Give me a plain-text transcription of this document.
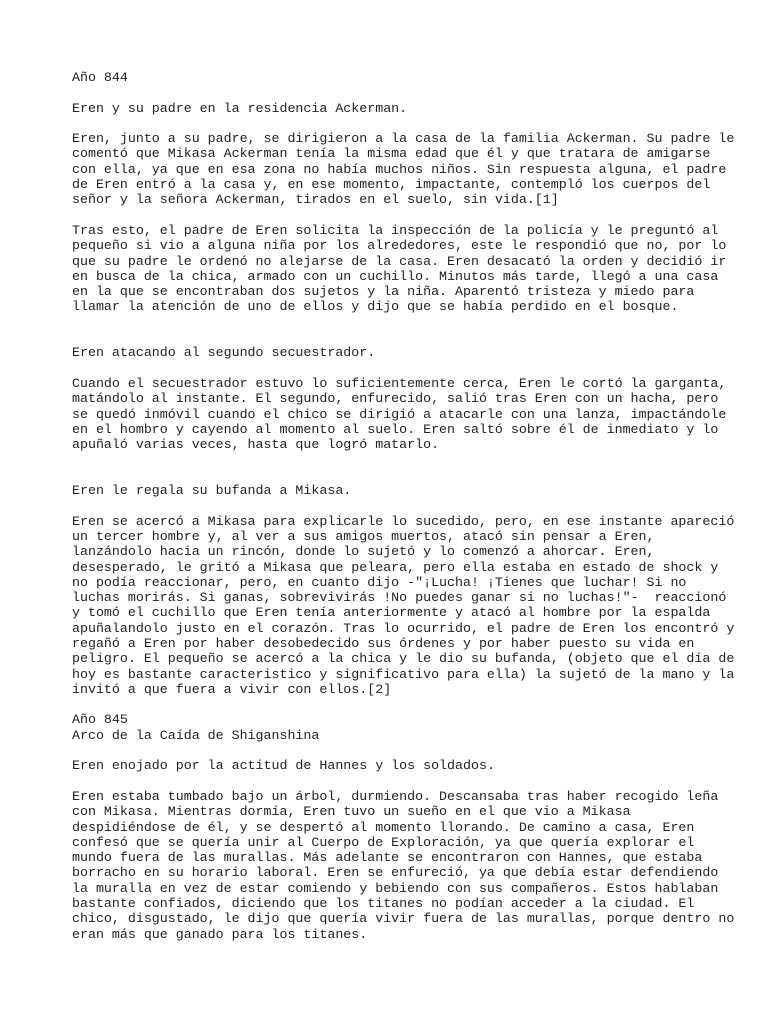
Año 844

Eren y su padre en la residencia Ackerman.

Eren, junto a su padre, se dirigieron a la casa de la familia Ackerman. Su padre le
comentó que Mikasa Ackerman tenía la misma edad que él y que tratara de amigarse
con ella, ya que en esa zona no había muchos niños. Sin respuesta alguna, el padre
de Eren entró a la casa y, en ese momento, impactante, contempló los cuerpos del
señor y la señora Ackerman, tirados en el suelo, sin vida.[1]

Tras esto, el padre de Eren solicita la inspección de la policía y le preguntó al
pequeño si vio a alguna niña por los alrededores, este le respondió que no, por lo
que su padre le ordenó no alejarse de la casa. Eren desacató la orden y decidió ir
en busca de la chica, armado con un cuchillo. Minutos más tarde, llegó a una casa
en la que se encontraban dos sujetos y la niña. Aparentó tristeza y miedo para
llamar la atención de uno de ellos y dijo que se había perdido en el bosque.

Eren atacando al segundo secuestrador.

Cuando el secuestrador estuvo lo suficientemente cerca, Eren le cortó la garganta,
matándolo al instante. El segundo, enfurecido, salió tras Eren con un hacha, pero
se quedó inmóvil cuando el chico se dirigió a atacarle con una lanza, impactándole
en el hombro y cayendo al momento al suelo. Eren saltó sobre él de inmediato y lo
apuñaló varias veces, hasta que logró matarlo.

Eren le regala su bufanda a Mikasa.

Eren se acercó a Mikasa para explicarle lo sucedido, pero, en ese instante apareció
un tercer hombre y, al ver a sus amigos muertos, atacó sin pensar a Eren,
lanzándolo hacia un rincón, donde lo sujetó y lo comenzó a ahorcar. Eren,
desesperado, le gritó a Mikasa que peleara, pero ella estaba en estado de shock y
no podía reaccionar, pero, en cuanto dijo -"¡Lucha! ¡Tienes que luchar! Si no
luchas morirás. Si ganas, sobrevivirás !No puedes ganar si no luchas!"-  reaccionó
y tomó el cuchillo que Eren tenía anteriormente y atacó al hombre por la espalda
apuñalandolo justo en el corazón. Tras lo ocurrido, el padre de Eren los encontró y
regañó a Eren por haber desobedecido sus órdenes y por haber puesto su vida en
peligro. El pequeño se acercó a la chica y le dio su bufanda, (objeto que el día de
hoy es bastante caracteristico y significativo para ella) la sujetó de la mano y la
invitó a que fuera a vivir con ellos.[2]

Año 845
Arco de la Caída de Shiganshina

Eren enojado por la actitud de Hannes y los soldados.

Eren estaba tumbado bajo un árbol, durmiendo. Descansaba tras haber recogido leña
con Mikasa. Mientras dormía, Eren tuvo un sueño en el que vio a Mikasa
despidiéndose de él, y se despertó al momento llorando. De camino a casa, Eren
confesó que se quería unir al Cuerpo de Exploración, ya que quería explorar el
mundo fuera de las murallas. Más adelante se encontraron con Hannes, que estaba
borracho en su horario laboral. Eren se enfureció, ya que debía estar defendiendo
la muralla en vez de estar comiendo y bebiendo con sus compañeros. Estos hablaban
bastante confiados, diciendo que los titanes no podían acceder a la ciudad. El
chico, disgustado, le dijo que quería vivir fuera de las murallas, porque dentro no
eran más que ganado para los titanes.
